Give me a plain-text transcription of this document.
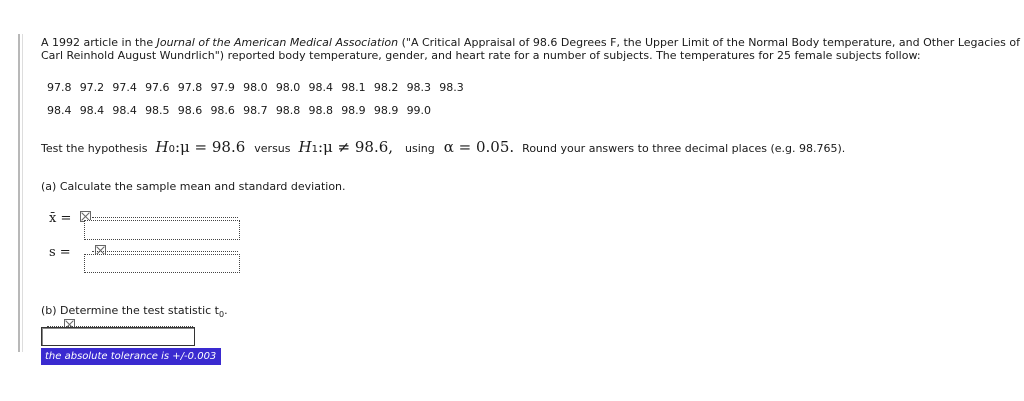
A 1992 article in the Journal of the American Medical Association ("A Critical Appraisal of 98.6 Degrees F, the Upper Limit of the Normal Body temperature, and Other Legacies of
Carl Reinhold August Wundrlich") reported body temperature, gender, and heart rate for a number of subjects. The temperatures for 25 female subjects follow:
97.8 97.2 97.4 97.6 97.8 97.9 98.0 98.0 98.4 98.1 98.2 98.3 98.3
98.4 98.4 98.4 98.5 98.6 98.6 98.7 98.8 98.8 98.9 98.9 99.0
Test the hypothesis H 0 :μ = 98.6 versus H 1 :μ ≠ 98.6, using α = 0.05. Round your answers to three decimal places (e.g. 98.765).
(a) Calculate the sample mean and standard deviation.
x̄ =

s =

(b) Determine the test statistic $t_0$.
the absolute tolerance is +/-0.003
